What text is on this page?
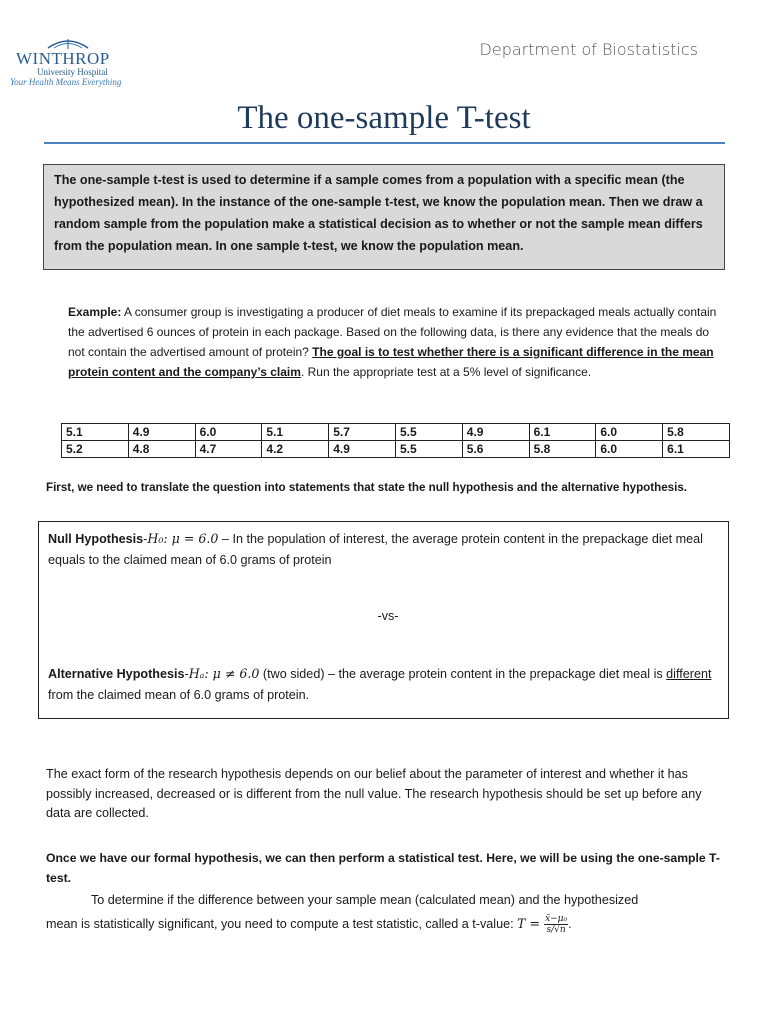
WINTHROP
University Hospital
Your Health Means Everything
Department of Biostatistics
The one-sample T-test
The one-sample t-test is used to determine if a sample comes from a population with a specific mean (the hypothesized mean). In the instance of the one-sample t-test, we know the population mean. Then we draw a random sample from the population make a statistical decision as to whether or not the sample mean differs from the population mean. In one sample t-test, we know the population mean.
Example: A consumer group is investigating a producer of diet meals to examine if its prepackaged meals actually contain the advertised 6 ounces of protein in each package. Based on the following data, is there any evidence that the meals do not contain the advertised amount of protein? The goal is to test whether there is a significant difference in the mean protein content and the company’s claim. Run the appropriate test at a 5% level of significance.
5.1	4.9	6.0	5.1	5.7	5.5	4.9	6.1	6.0	5.8
5.2	4.8	4.7	4.2	4.9	5.5	5.6	5.8	6.0	6.1
First, we need to translate the question into statements that state the null hypothesis and the alternative hypothesis.
Null Hypothesis-H₀: μ = 6.0 – In the population of interest, the average protein content in the prepackage diet meal equals to the claimed mean of 6.0 grams of protein
-vs-
Alternative Hypothesis-Hₐ: μ ≠ 6.0 (two sided) – the average protein content in the prepackage diet meal is different from the claimed mean of 6.0 grams of protein.
The exact form of the research hypothesis depends on our belief about the parameter of interest and whether it has possibly increased, decreased or is different from the null value. The research hypothesis should be set up before any data are collected.
Once we have our formal hypothesis, we can then perform a statistical test. Here, we will be using the one-sample T-test.
To determine if the difference between your sample mean (calculated mean) and the hypothesized
mean is statistically significant, you need to compute a test statistic, called a t-value: $T = \frac{\text{x̄−μ₀}}{s/√n}$ .
